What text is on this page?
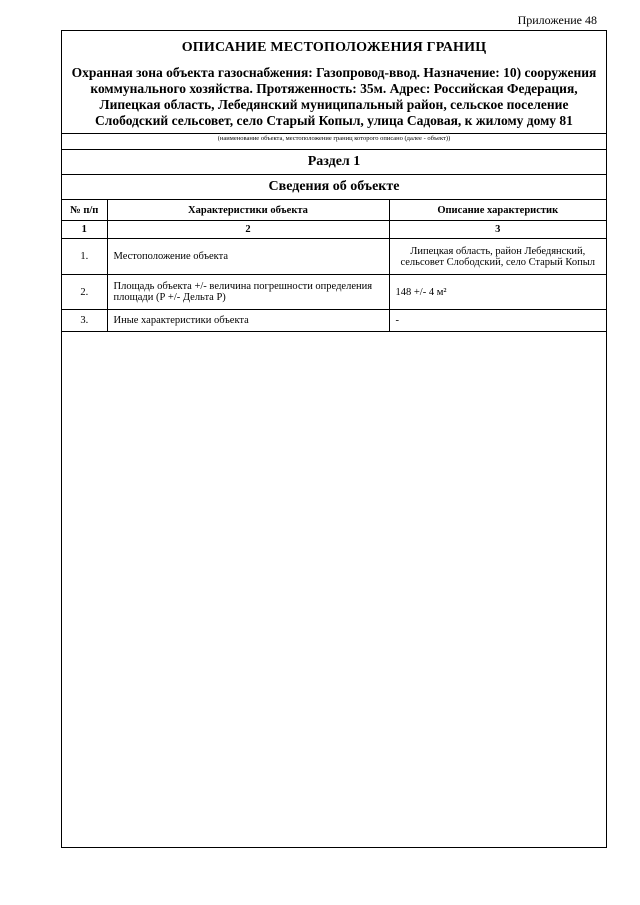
Приложение 48
ОПИСАНИЕ МЕСТОПОЛОЖЕНИЯ ГРАНИЦ
Охранная зона объекта газоснабжения: Газопровод-ввод. Назначение: 10) сооружения коммунального хозяйства. Протяженность: 35м. Адрес: Российская Федерация, Липецкая область, Лебедянский муниципальный район, сельское поселение Слободский сельсовет, село Старый Копыл, улица Садовая, к жилому дому 81
(наименование объекта, местоположение границ которого описано (далее - объект))
Раздел 1
Сведения об объекте
№ п/п	Характеристики объекта	Описание характеристик
1	2	3
1.	Местоположение объекта	Липецкая область, район Лебедянский, сельсовет Слободский, село Старый Копыл
2.	Площадь объекта +/- величина погрешности определения площади (Р +/- Дельта Р)	148 +/- 4 м²
3.	Иные характеристики объекта	-
